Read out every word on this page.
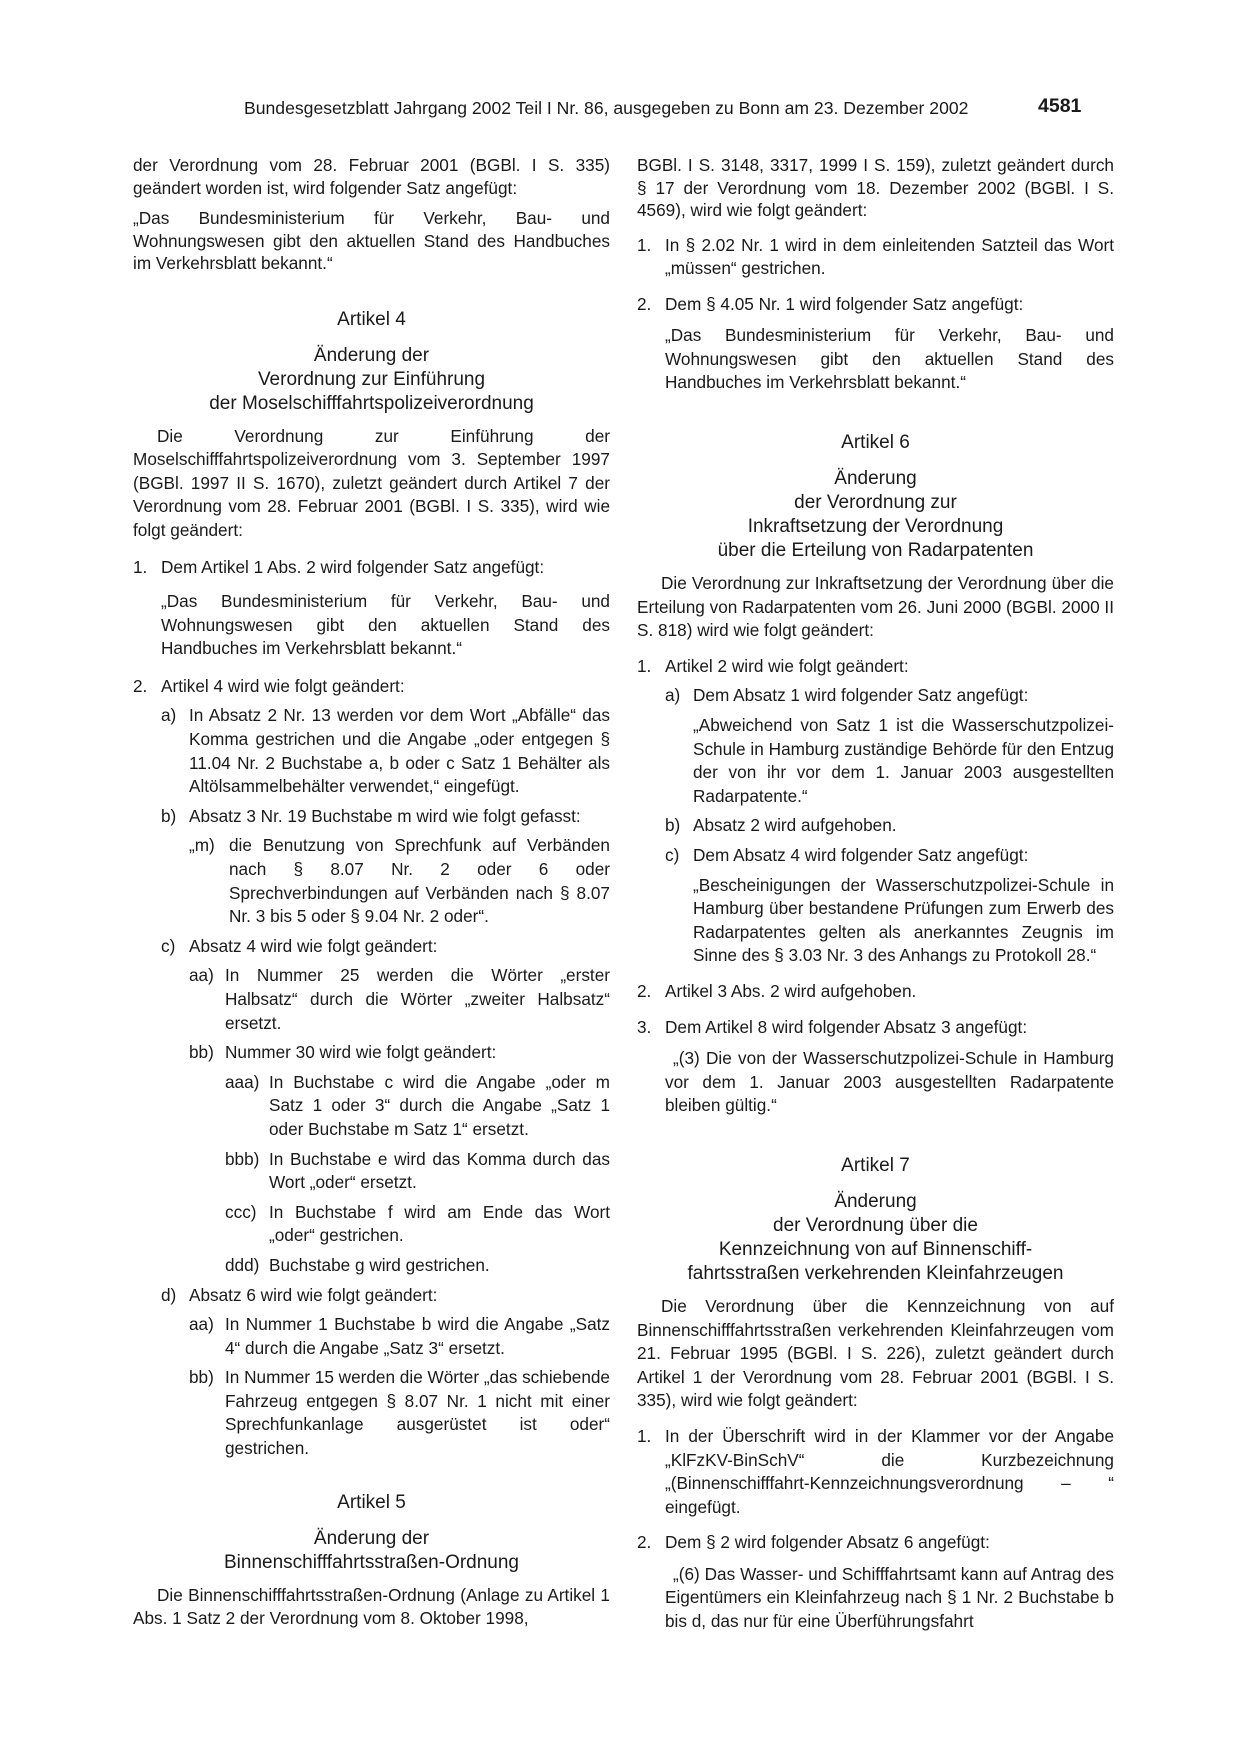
Bundesgesetzblatt Jahrgang 2002 Teil I Nr. 86, ausgegeben zu Bonn am 23. Dezember 2002	4581

der Verordnung vom 28. Februar 2001 (BGBl. I S. 335) geändert worden ist, wird folgender Satz angefügt:

„Das Bundesministerium für Verkehr, Bau- und Wohnungswesen gibt den aktuellen Stand des Handbuches im Verkehrsblatt bekannt.“

Artikel 4

Änderung der
Verordnung zur Einführung
der Moselschifffahrtspolizeiverordnung

Die Verordnung zur Einführung der Moselschifffahrtspolizeiverordnung vom 3. September 1997 (BGBl. 1997 II S. 1670), zuletzt geändert durch Artikel 7 der Verordnung vom 28. Februar 2001 (BGBl. I S. 335), wird wie folgt geändert:

1. Dem Artikel 1 Abs. 2 wird folgender Satz angefügt:

„Das Bundesministerium für Verkehr, Bau- und Wohnungswesen gibt den aktuellen Stand des Handbuches im Verkehrsblatt bekannt.“

2. Artikel 4 wird wie folgt geändert:

a) In Absatz 2 Nr. 13 werden vor dem Wort „Abfälle“ das Komma gestrichen und die Angabe „oder entgegen § 11.04 Nr. 2 Buchstabe a, b oder c Satz 1 Behälter als Altölsammelbehälter verwendet,“ eingefügt.

b) Absatz 3 Nr. 19 Buchstabe m wird wie folgt gefasst:

„m) die Benutzung von Sprechfunk auf Verbänden nach § 8.07 Nr. 2 oder 6 oder Sprechverbindungen auf Verbänden nach § 8.07 Nr. 3 bis 5 oder § 9.04 Nr. 2 oder“.

c) Absatz 4 wird wie folgt geändert:

aa) In Nummer 25 werden die Wörter „erster Halbsatz“ durch die Wörter „zweiter Halbsatz“ ersetzt.

bb) Nummer 30 wird wie folgt geändert:

aaa) In Buchstabe c wird die Angabe „oder m Satz 1 oder 3“ durch die Angabe „Satz 1 oder Buchstabe m Satz 1“ ersetzt.

bbb) In Buchstabe e wird das Komma durch das Wort „oder“ ersetzt.

ccc) In Buchstabe f wird am Ende das Wort „oder“ gestrichen.

ddd) Buchstabe g wird gestrichen.

d) Absatz 6 wird wie folgt geändert:

aa) In Nummer 1 Buchstabe b wird die Angabe „Satz 4“ durch die Angabe „Satz 3“ ersetzt.

bb) In Nummer 15 werden die Wörter „das schiebende Fahrzeug entgegen § 8.07 Nr. 1 nicht mit einer Sprechfunkanlage ausgerüstet ist oder“ gestrichen.

Artikel 5

Änderung der
Binnenschifffahrtsstraßen-Ordnung

Die Binnenschifffahrtsstraßen-Ordnung (Anlage zu Artikel 1 Abs. 1 Satz 2 der Verordnung vom 8. Oktober 1998,

BGBl. I S. 3148, 3317, 1999 I S. 159), zuletzt geändert durch § 17 der Verordnung vom 18. Dezember 2002 (BGBl. I S. 4569), wird wie folgt geändert:

1. In § 2.02 Nr. 1 wird in dem einleitenden Satzteil das Wort „müssen“ gestrichen.

2. Dem § 4.05 Nr. 1 wird folgender Satz angefügt:

„Das Bundesministerium für Verkehr, Bau- und Wohnungswesen gibt den aktuellen Stand des Handbuches im Verkehrsblatt bekannt.“

Artikel 6

Änderung
der Verordnung zur
Inkraftsetzung der Verordnung
über die Erteilung von Radarpatenten

Die Verordnung zur Inkraftsetzung der Verordnung über die Erteilung von Radarpatenten vom 26. Juni 2000 (BGBl. 2000 II S. 818) wird wie folgt geändert:

1. Artikel 2 wird wie folgt geändert:

a) Dem Absatz 1 wird folgender Satz angefügt:

„Abweichend von Satz 1 ist die Wasserschutzpolizei-Schule in Hamburg zuständige Behörde für den Entzug der von ihr vor dem 1. Januar 2003 ausgestellten Radarpatente.“

b) Absatz 2 wird aufgehoben.

c) Dem Absatz 4 wird folgender Satz angefügt:

„Bescheinigungen der Wasserschutzpolizei-Schule in Hamburg über bestandene Prüfungen zum Erwerb des Radarpatentes gelten als anerkanntes Zeugnis im Sinne des § 3.03 Nr. 3 des Anhangs zu Protokoll 28.“

2. Artikel 3 Abs. 2 wird aufgehoben.

3. Dem Artikel 8 wird folgender Absatz 3 angefügt:

„(3) Die von der Wasserschutzpolizei-Schule in Hamburg vor dem 1. Januar 2003 ausgestellten Radarpatente bleiben gültig.“

Artikel 7

Änderung
der Verordnung über die
Kennzeichnung von auf Binnenschiff-
fahrtsstraßen verkehrenden Kleinfahrzeugen

Die Verordnung über die Kennzeichnung von auf Binnenschifffahrtsstraßen verkehrenden Kleinfahrzeugen vom 21. Februar 1995 (BGBl. I S. 226), zuletzt geändert durch Artikel 1 der Verordnung vom 28. Februar 2001 (BGBl. I S. 335), wird wie folgt geändert:

1. In der Überschrift wird in der Klammer vor der Angabe „KlFzKV-BinSchV“ die Kurzbezeichnung „(Binnenschifffahrt-Kennzeichnungsverordnung – “ eingefügt.

2. Dem § 2 wird folgender Absatz 6 angefügt:

„(6) Das Wasser- und Schifffahrtsamt kann auf Antrag des Eigentümers ein Kleinfahrzeug nach § 1 Nr. 2 Buchstabe b bis d, das nur für eine Überführungsfahrt
